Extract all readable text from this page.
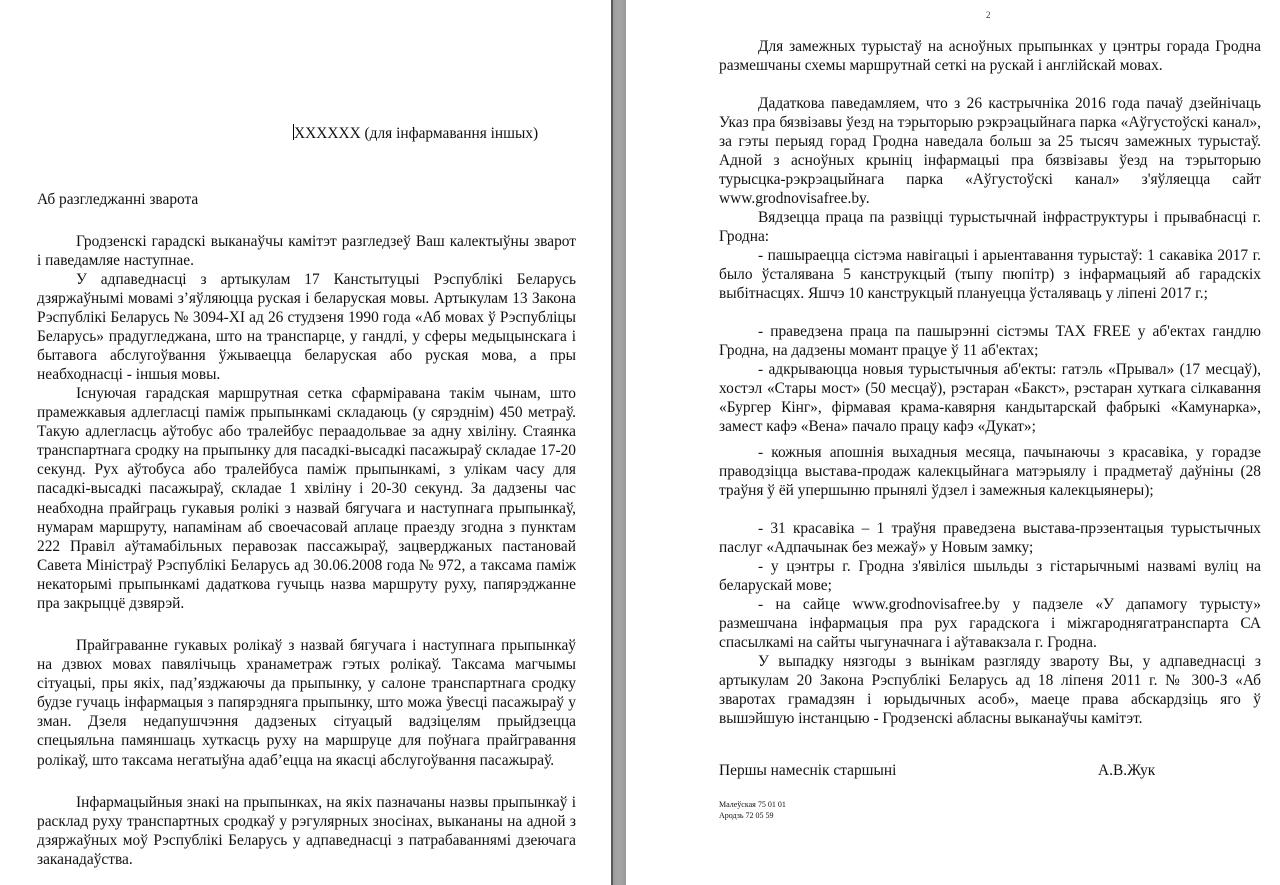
XXXXXX (для інфармавання іншых)

Аб разгледжанні зварота

Гродзенскі гарадскі выканаўчы камітэт разгледзеў Ваш калектыўны зварот і паведамляе наступнае.

У адпаведнасці з артыкулам 17 Канстытуцыі Рэспублікі Беларусь дзяржаўнымі мовамі з’яўляюцца руская і беларуская мовы. Артыкулам 13 Закона Рэспублікі Беларусь № 3094-XI ад 26 студзеня 1990 года «Аб мовах ў Рэспубліцы Беларусь» прадугледжана, што на транспарце, у гандлі, у сферы медыцынскага і бытавога абслугоўвання ўжываецца беларуская або руская мова, а пры неабходнасці - іншыя мовы.

Існуючая гарадская маршрутная сетка сфарміравана такім чынам, што прамежкавыя адлегласці паміж прыпынкамі складаюць (у сярэднім) 450 метраў. Такую адлегласць аўтобус або тралейбус пераадольвае за адну хвіліну. Стаянка транспартнага сродку на прыпынку для пасадкі-высадкі пасажыраў складае 17-20 секунд. Рух аўтобуса або тралейбуса паміж прыпынкамі, з улікам часу для пасадкі-высадкі пасажыраў, складае 1 хвіліну і 20-30 секунд. За дадзены час неабходна прайграць гукавыя ролікі з назвай бягучага и наступнага прыпынкаў, нумарам маршруту, напамінам аб своечасовай аплаце праезду згодна з пунктам 222 Правіл аўтамабільных перавозак пассажыраў, зацверджаных пастановай Савета Міністраў Рэспублікі Беларусь ад 30.06.2008 года № 972, а таксама паміж некаторымі прыпынкамі дадаткова гучыць назва маршруту руху, папярэджанне пра закрыццё дзвярэй.

Прайграванне гукавых ролікаў з назвай бягучага і наступнага прыпынкаў на дзвюх мовах павялічыць хранаметраж гэтых ролікаў. Таксама магчымы сітуацыі, пры якіх, пад’язджаючы да прыпынку, у салоне транспартнага сродку будзе гучаць інфармацыя з папярэдняга прыпынку, што можа ўвесці пасажыраў у зман. Дзеля недапушчэння дадзеных сітуацый вадзіцелям прыйдзецца спецыяльна памяншаць хуткасць руху на маршруце для поўнага прайгравання ролікаў, што таксама негатыўна адаб’ецца на якасці абслугоўвання пасажыраў.

Інфармацыйныя знакі на прыпынках, на якіх пазначаны назвы прыпынкаў і расклад руху транспартных сродкаў у рэгулярных зносінах, выкананы на адной з дзяржаўных моў Рэспублікі Беларусь у адпаведнасці з патрабаваннямі дзеючага заканадаўства.

2

Для замежных турыстаў на асноўных прыпынках у цэнтры горада Гродна размешчаны схемы маршрутнай сеткі на рускай і англійскай мовах.

Дадаткова паведамляем, что з 26 кастрычніка 2016 года пачаў дзейнічаць Указ пра бязвізавы ўезд на тэрыторыю рэкрэацыйнага парка «Аўгустоўскі канал», за гэты перыяд горад Гродна наведала больш за 25 тысяч замежных турыстаў. Адной з асноўных крыніц інфармацыі пра бязвізавы ўезд на тэрыторыю турысцка-рэкрэацыйнага парка «Аўгустоўскі канал» з'яўляецца сайт www.grodnovisafree.by.

Вядзецца праца па развіцці турыстычнай інфраструктуры і прывабнасці г. Гродна:

- пашыраецца сістэма навігацыі і арыентавання турыстаў: 1 сакавіка 2017 г. было ўсталявана 5 канструкцый (тыпу пюпітр) з інфармацыяй аб гарадскіх выбітнасцях. Яшчэ 10 канструкцый плануецца ўсталяваць у ліпені 2017 г.;

- праведзена праца па пашырэнні сістэмы TAX FREE у аб'ектах гандлю Гродна, на дадзены момант працуе ў 11 аб'ектах;

- адкрываюцца новыя турыстычныя аб'екты: гатэль «Прывал» (17 месцаў), хостэл «Стары мост» (50 месцаў), рэстаран «Бакст», рэстаран хуткага сілкавання «Бургер Кінг», фірмавая крама-кавярня кандытарскай фабрыкі «Камунарка», замест кафэ «Вена» пачало працу кафэ «Дукат»;

- кожныя апошнія выхадныя месяца, пачынаючы з красавіка, у горадзе праводзіцца выстава-продаж калекцыйнага матэрыялу і прадметаў даўніны (28 траўня ў ёй упершыню прынялі ўдзел і замежныя калекцыянеры);

- 31 красавіка – 1 траўня праведзена выстава-прэзентацыя турыстычных паслуг «Адпачынак без межаў» у Новым замку;

- у цэнтры г. Гродна з'явіліся шыльды з гістарычнымі назвамі вуліц на беларускай мове;

- на сайце www.grodnovisafree.by у падзеле «У дапамогу турысту» размешчана інфармацыя пра рух гарадскога і міжгароднягатранспарта СА спасылкамі на сайты чыгуначнага і аўтавакзала г. Гродна.

У выпадку нязгоды з вынікам разгляду звароту Вы, у адпаведнасці з артыкулам 20 Закона Рэспублікі Беларусь ад 18 ліпеня 2011 г. № 300-З «Аб зваротах грамадзян і юрыдычных асоб», маеце права абскардзіць яго ў вышэйшую інстанцыю - Гродзенскі абласны выканаўчы камітэт.

Першы намеснік старшыні	А.В.Жук
Малеўская 75 01 01
Ародзь 72 05 59
